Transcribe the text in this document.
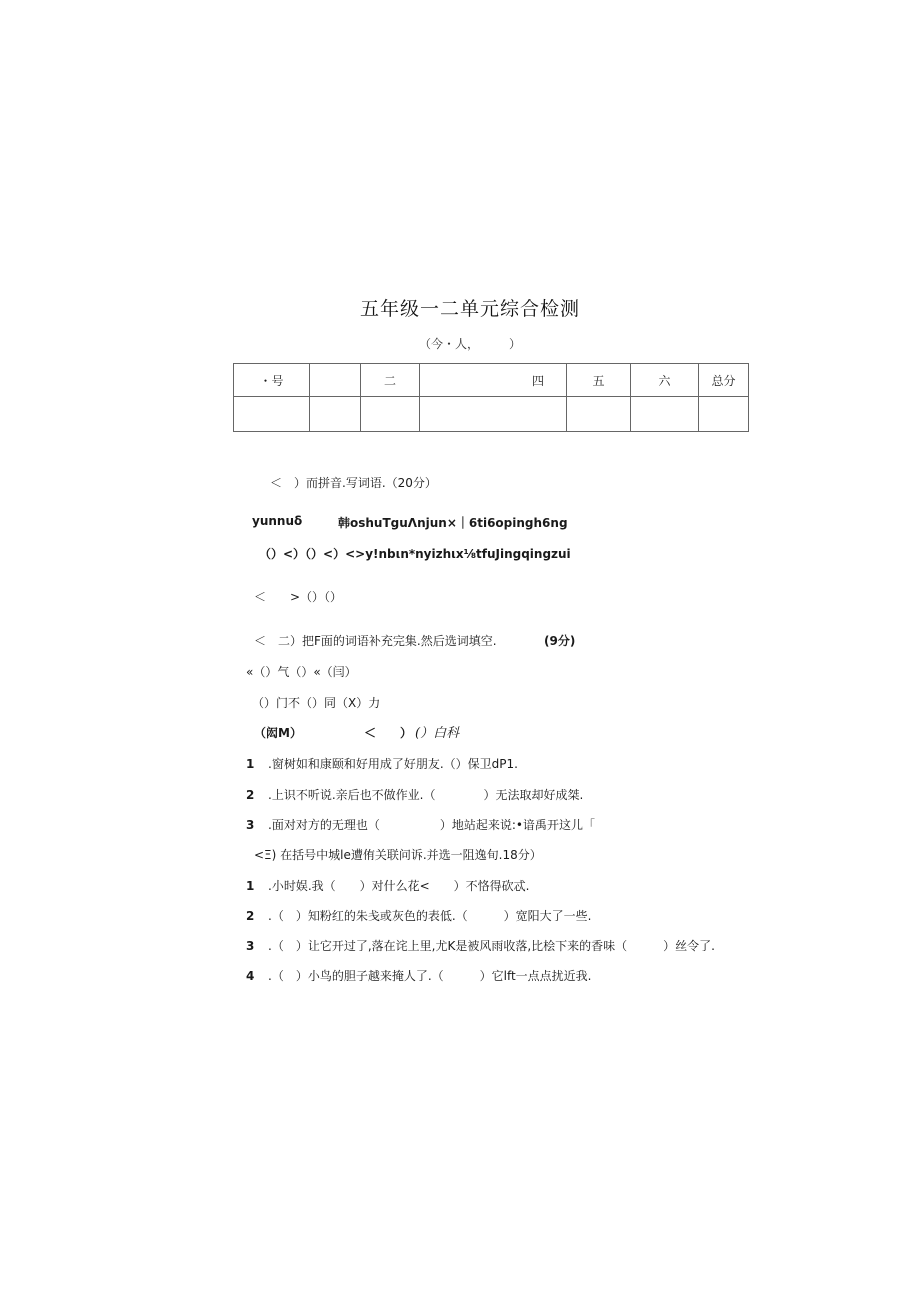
五年级一二单元综合检测
（今・人，　　　）
・号		二	四	五	六	总分

＜　）而拼音.写词语.（20分）
yunnuδ	韩oshuTguΛnjun×｜6ti6opingh6ng
（）<）（）<）<>y!nbιn*nyizhιx⅛tfuJingqingzui
＜　　>（）（）
＜　二）把F面的词语补充完集.然后选词填空.	(9分)
«（）气（）«（闫）
（）门不（）同（X）力
（闳M）	＜　　） (）白科
1 .窗树如和康颐和好用成了好朋友.（）保卫dP1.
2 .上识不听说.亲后也不做作业.（　　　　）无法取却好成桀.
3 .面对对方的无理也（　　　　　）地站起来说:•谙禹开这儿「
<Ξ) 在括号中城le遭侑关联问诉.并选一阻逸旬.18分）
1 .小时娱.我（　　）对什么花<　　）不恪得砍忒.
2 .（　）知粉红的朱戋或灰色的表低.（　　　）宽阳大了一些.
3 .（　）让它开过了,落在诧上里,尤K是被风雨收落,比桧下来的香味（　　　）丝令了.
4 .（　）小鸟的胆子越来掩人了.（　　　）它lft一点点扰近我.
